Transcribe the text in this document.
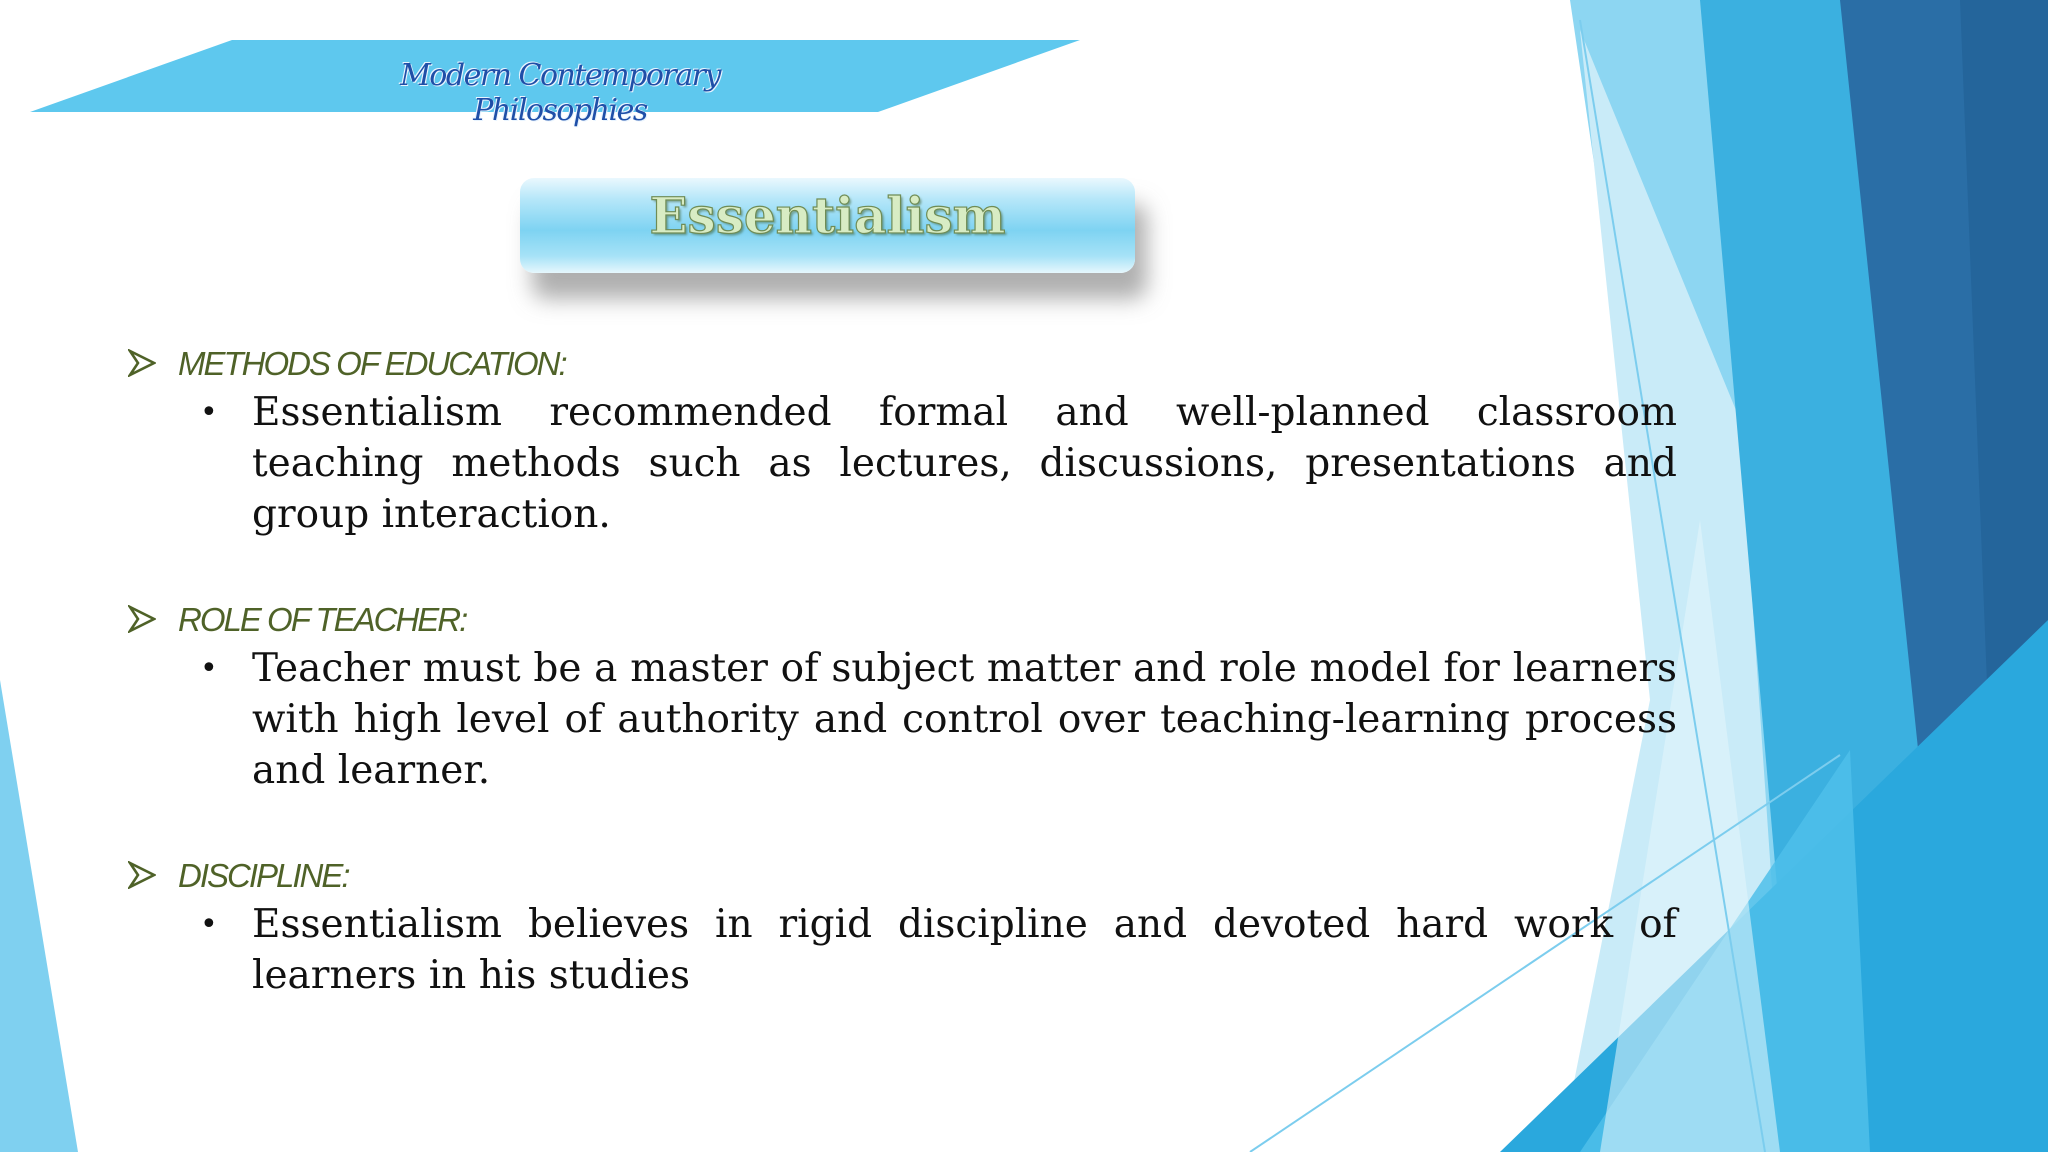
Modern Contemporary Philosophies
Essentialism
METHODS OF EDUCATION:
• Essentialism recommended formal and well-planned classroom teaching methods such as lectures, discussions, presentations and group interaction.
ROLE OF TEACHER:
• Teacher must be a master of subject matter and role model for learners with high level of authority and control over teaching-learning process and learner.
DISCIPLINE:
• Essentialism believes in rigid discipline and devoted hard work of learners in his studies
